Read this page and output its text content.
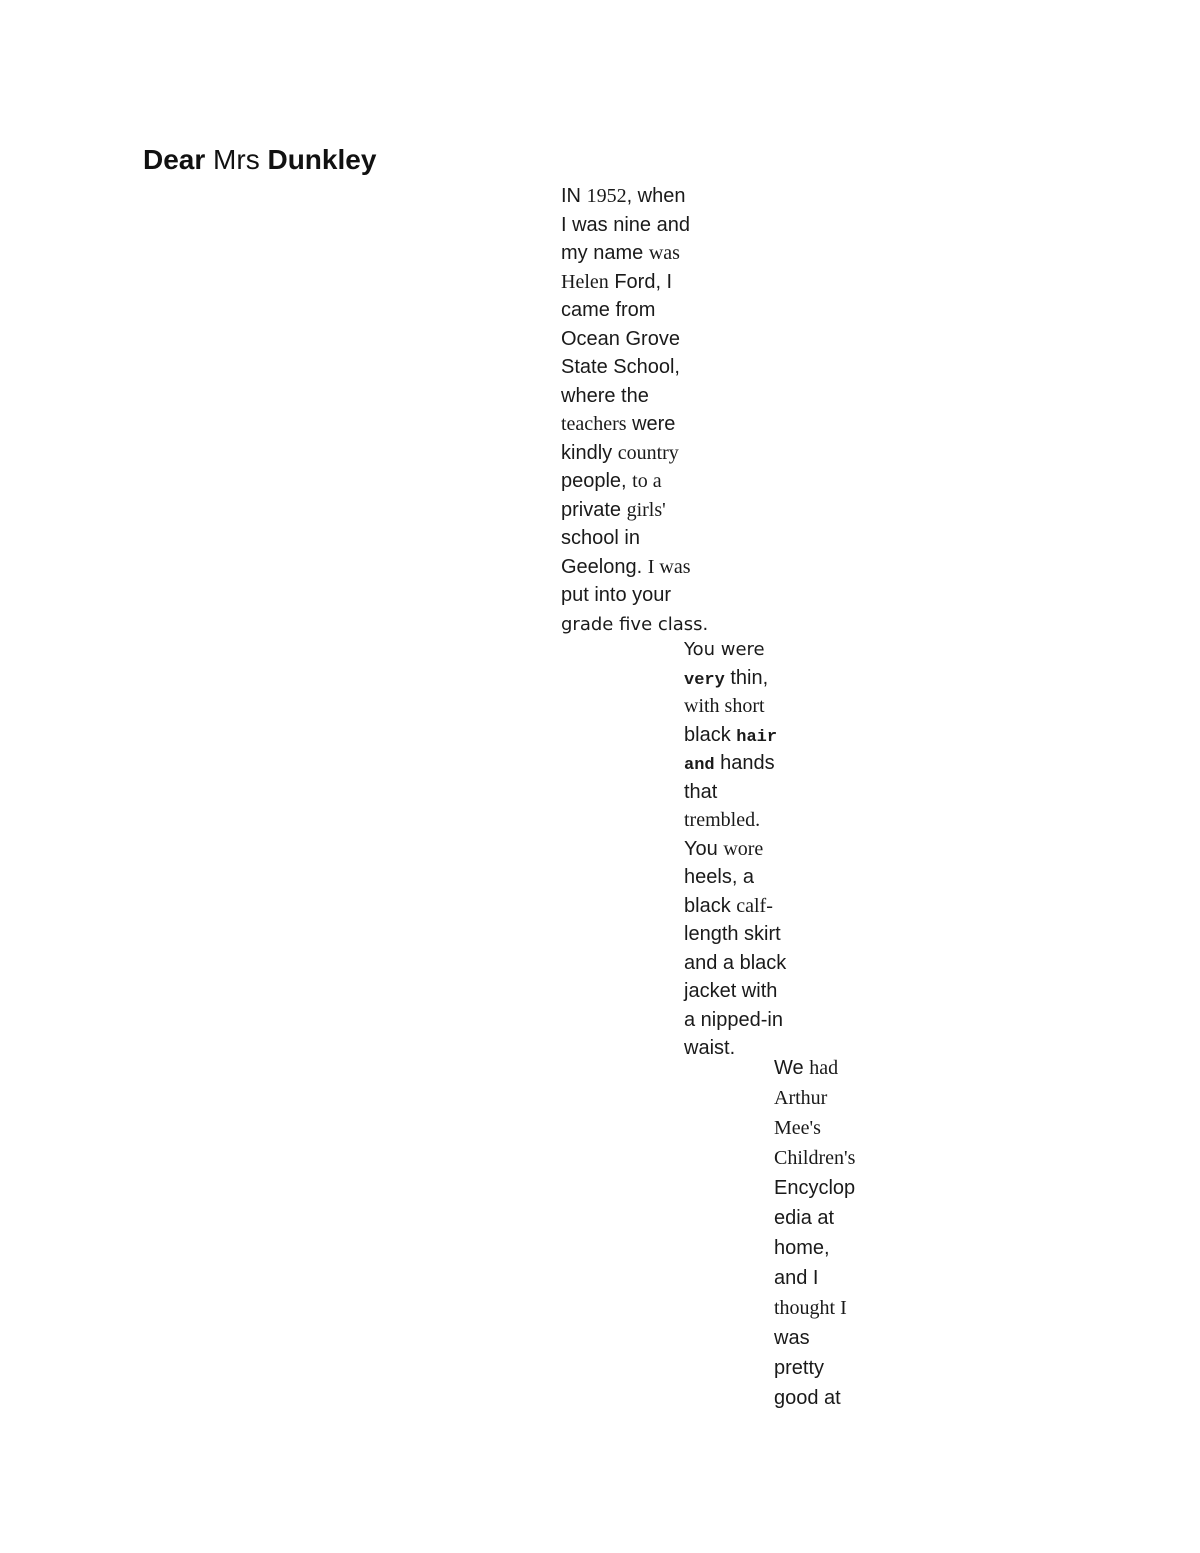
Dear Mrs Dunkley
IN 1952, when
I was nine and
my name was
Helen Ford, I
came from
Ocean Grove
State School,
where the
teachers were
kindly country
people, to a
private girls'
school in
Geelong. I was
put into your
grade five class.
You were
very thin,
with short
black hair
and hands
that
trembled.
You wore
heels, a
black calf-
length skirt
and a black
jacket with
a nipped-in
waist.
We had
Arthur
Mee's
Children's
Encyclop
edia at
home,
and I
thought I
was
pretty
good at
